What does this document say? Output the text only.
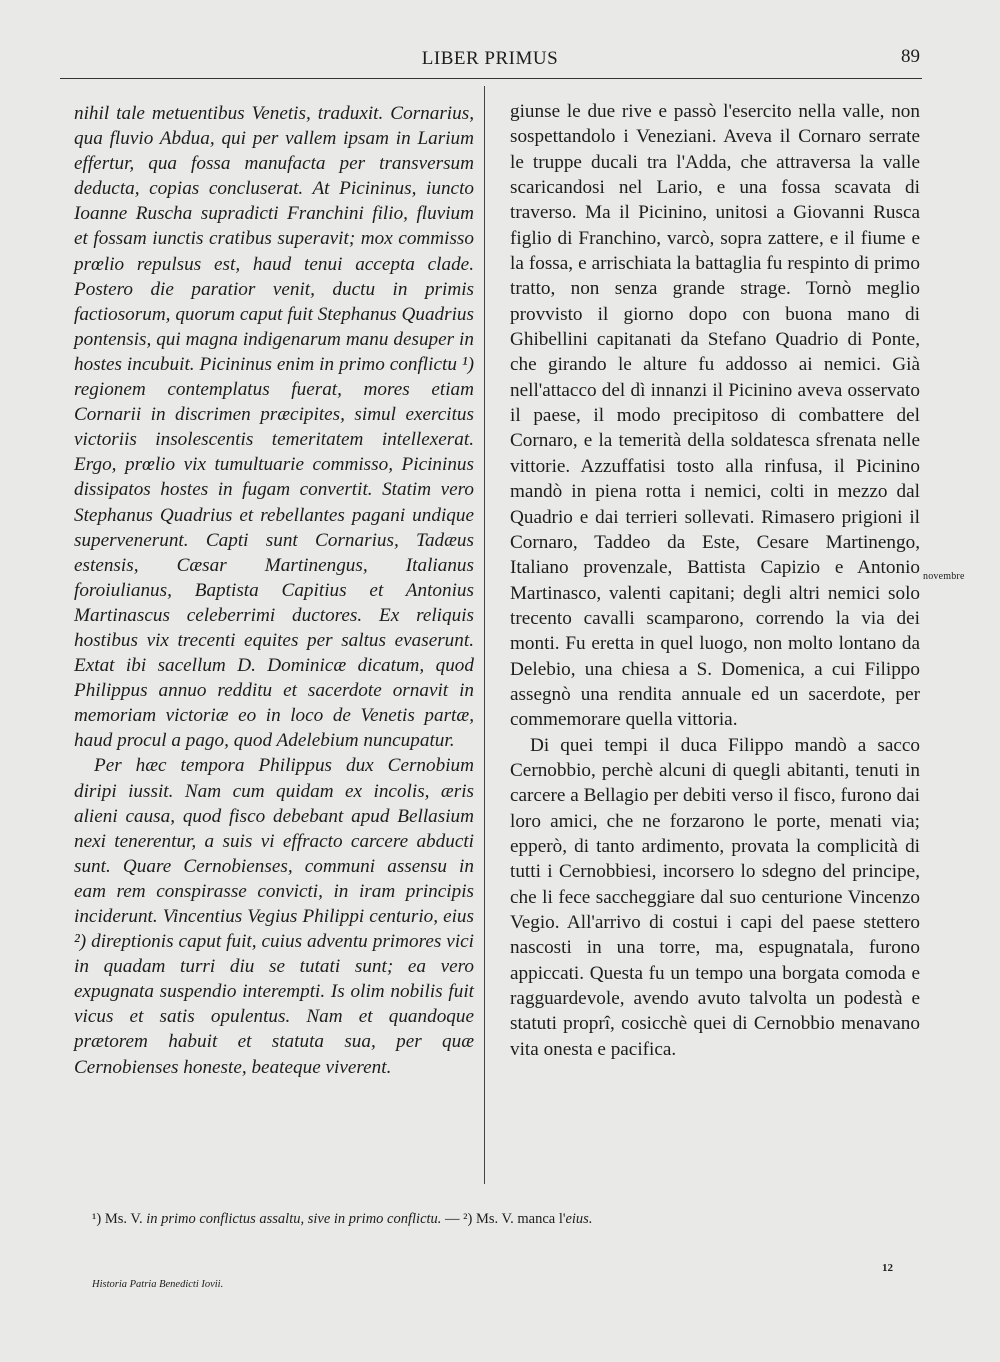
LIBER PRIMUS	89

nihil tale metuentibus Venetis, traduxit. Cornarius, qua fluvio Abdua, qui per vallem ipsam in Larium effertur, qua fossa manufacta per transversum deducta, copias concluserat. At Picininus, iuncto Ioanne Ruscha supradicti Franchini filio, fluvium et fossam iunctis cratibus superavit; mox commisso prœlio repulsus est, haud tenui accepta clade. Postero die paratior venit, ductu in primis factiosorum, quorum caput fuit Stephanus Quadrius pontensis, qui magna indigenarum manu desuper in hostes incubuit. Picininus enim in primo conflictu ¹) regionem contemplatus fuerat, mores etiam Cornarii in discrimen præcipites, simul exercitus victoriis insolescentis temeritatem intellexerat. Ergo, prœlio vix tumultuarie commisso, Picininus dissipatos hostes in fugam convertit. Statim vero Stephanus Quadrius et rebellantes pagani undique supervenerunt. Capti sunt Cornarius, Tadæus estensis, Cæsar Martinengus, Italianus foroiulianus, Baptista Capitius et Antonius Martinascus celeberrimi ductores. Ex reliquis hostibus vix trecenti equites per saltus evaserunt. Extat ibi sacellum D. Dominicæ dicatum, quod Philippus annuo redditu et sacerdote ornavit in memoriam victoriæ eo in loco de Venetis partæ, haud procul a pago, quod Adelebium nuncupatur.

Per hæc tempora Philippus dux Cernobium diripi iussit. Nam cum quidam ex incolis, æris alieni causa, quod fisco debebant apud Bellasium nexi tenerentur, a suis vi effracto carcere abducti sunt. Quare Cernobienses, communi assensu in eam rem conspirasse convicti, in iram principis inciderunt. Vincentius Vegius Philippi centurio, eius ²) direptionis caput fuit, cuius adventu primores vici in quadam turri diu se tutati sunt; ea vero expugnata suspendio interempti. Is olim nobilis fuit vicus et satis opulentus. Nam et quandoque prætorem habuit et statuta sua, per quæ Cernobienses honeste, beateque viverent.

giunse le due rive e passò l'esercito nella valle, non sospettandolo i Veneziani. Aveva il Cornaro serrate le truppe ducali tra l'Adda, che attraversa la valle scaricandosi nel Lario, e una fossa scavata di traverso. Ma il Picinino, unitosi a Giovanni Rusca figlio di Franchino, varcò, sopra zattere, e il fiume e la fossa, e arrischiata la battaglia fu respinto di primo tratto, non senza grande strage. Tornò meglio provvisto il giorno dopo con buona mano di Ghibellini capitanati da Stefano Quadrio di Ponte, che girando le alture fu addosso ai nemici. Già nell'attacco del dì innanzi il Picinino aveva osservato il paese, il modo precipitoso di combattere del Cornaro, e la temerità della soldatesca sfrenata nelle vittorie. Azzuffatisi tosto alla rinfusa, il Picinino mandò in piena rotta i nemici, colti in mezzo dal Quadrio e dai terrieri sollevati. Rimasero prigioni il Cornaro, Taddeo da Este, Cesare Martinengo, Italiano provenzale, Battista Capizio e Antonio Martinasco, valenti capitani; degli altri nemici solo trecento cavalli scamparono, correndo la via dei monti. Fu eretta in quel luogo, non molto lontano da Delebio, una chiesa a S. Domenica, a cui Filippo assegnò una rendita annuale ed un sacerdote, per commemorare quella vittoria.

Di quei tempi il duca Filippo mandò a sacco Cernobbio, perchè alcuni di quegli abitanti, tenuti in carcere a Bellagio per debiti verso il fisco, furono dai loro amici, che ne forzarono le porte, menati via; epperò, di tanto ardimento, provata la complicità di tutti i Cernobbiesi, incorsero lo sdegno del principe, che li fece saccheggiare dal suo centurione Vincenzo Vegio. All'arrivo di costui i capi del paese stettero nascosti in una torre, ma, espugnatala, furono appiccati. Questa fu un tempo una borgata comoda e ragguardevole, avendo avuto talvolta un podestà e statuti proprî, cosicchè quei di Cernobbio menavano vita onesta e pacifica.

novembre
¹) Ms. V. in primo conflictus assaltu, sive in primo conflictu. — ²) Ms. V. manca l'eius.
12
Historia Patria Benedicti Iovii.
